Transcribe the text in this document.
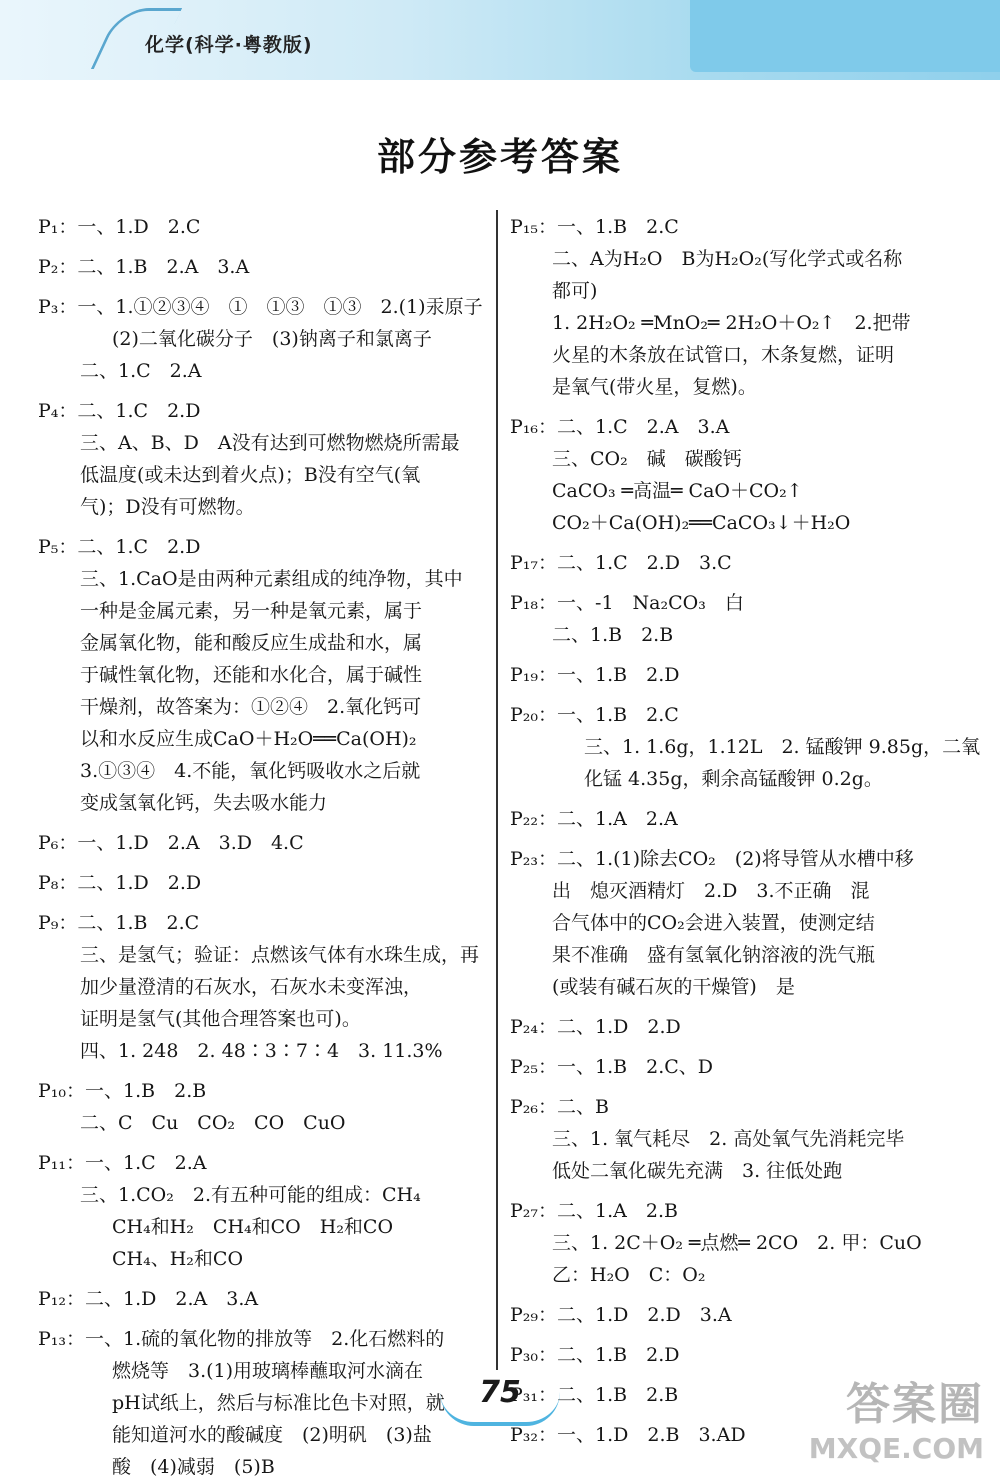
化学(科学·粤教版)
部分参考答案
P₁：一、1.D　2.C
P₂：二、1.B　2.A　3.A
P₃：一、1.①②③④　①　①③　①③　2.(1)汞原子
(2)二氧化碳分子　(3)钠离子和氯离子
二、1.C　2.A
P₄：二、1.C　2.D
三、A、B、D　A没有达到可燃物燃烧所需最
低温度(或未达到着火点)；B没有空气(氧
气)；D没有可燃物。
P₅：二、1.C　2.D
三、1.CaO是由两种元素组成的纯净物，其中
一种是金属元素，另一种是氧元素，属于
金属氧化物，能和酸反应生成盐和水，属
于碱性氧化物，还能和水化合，属于碱性
干燥剂，故答案为：①②④　2.氧化钙可
以和水反应生成CaO＋H₂O══Ca(OH)₂
3.①③④　4.不能，氧化钙吸收水之后就
变成氢氧化钙，失去吸水能力
P₆：一、1.D　2.A　3.D　4.C
P₈：二、1.D　2.D
P₉：二、1.B　2.C
三、是氢气；验证：点燃该气体有水珠生成，再
加少量澄清的石灰水，石灰水未变浑浊，
证明是氢气(其他合理答案也可)。
四、1. 248　2. 48∶3∶7∶4　3. 11.3%
P₁₀：一、1.B　2.B
二、C　Cu　CO₂　CO　CuO
P₁₁：一、1.C　2.A
三、1.CO₂　2.有五种可能的组成：CH₄
CH₄和H₂　CH₄和CO　H₂和CO
CH₄、H₂和CO
P₁₂：二、1.D　2.A　3.A
P₁₃：一、1.硫的氧化物的排放等　2.化石燃料的
燃烧等　3.(1)用玻璃棒蘸取河水滴在
pH试纸上，然后与标准比色卡对照，就
能知道河水的酸碱度　(2)明矾　(3)盐
酸　(4)减弱　(5)B
P₁₅：一、1.B　2.C
二、A为H₂O　B为H₂O₂(写化学式或名称
都可)
1. 2H₂O₂ ═MnO₂═ 2H₂O＋O₂↑　2.把带
火星的木条放在试管口，木条复燃，证明
是氧气(带火星，复燃)。
P₁₆：二、1.C　2.A　3.A
三、CO₂　碱　碳酸钙
CaCO₃ ═高温═ CaO＋CO₂↑
CO₂＋Ca(OH)₂══CaCO₃↓＋H₂O
P₁₇：二、1.C　2.D　3.C
P₁₈：一、-1　Na₂CO₃　白
二、1.B　2.B
P₁₉：一、1.B　2.D
P₂₀：一、1.B　2.C
三、1. 1.6g，1.12L　2. 锰酸钾 9.85g，二氧
化锰 4.35g，剩余高锰酸钾 0.2g。
P₂₂：二、1.A　2.A
P₂₃：二、1.(1)除去CO₂　(2)将导管从水槽中移
出　熄灭酒精灯　2.D　3.不正确　混
合气体中的CO₂会进入装置，使测定结
果不准确　盛有氢氧化钠溶液的洗气瓶
(或装有碱石灰的干燥管)　是
P₂₄：二、1.D　2.D
P₂₅：一、1.B　2.C、D
P₂₆：二、B
三、1. 氧气耗尽　2. 高处氧气先消耗完毕
低处二氧化碳先充满　3. 往低处跑
P₂₇：二、1.A　2.B
三、1. 2C＋O₂ ═点燃═ 2CO　2. 甲：CuO
乙：H₂O　C：O₂
P₂₉：二、1.D　2.D　3.A
P₃₀：二、1.B　2.D
P₃₁：二、1.B　2.B
P₃₂：一、1.D　2.B　3.AD
75	答案圈
MXQE.COM
